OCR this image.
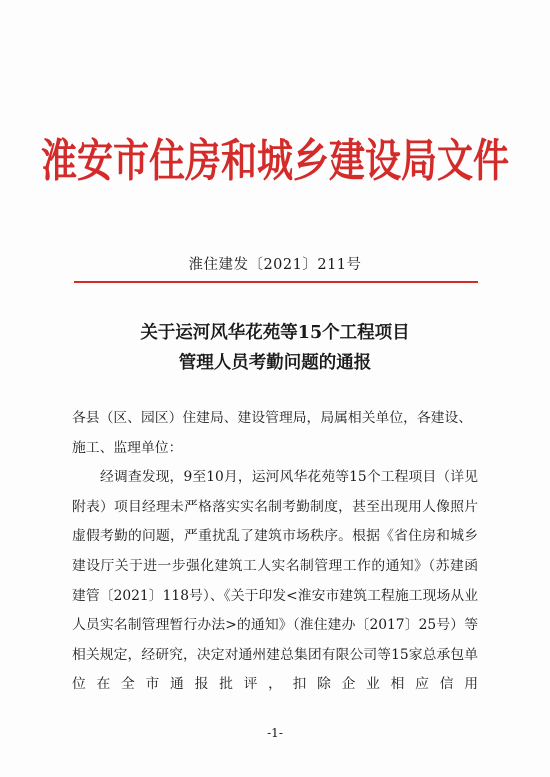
淮安市住房和城乡建设局文件
淮住建发〔2021〕211号
关于运河风华花苑等15个工程项目
管理人员考勤问题的通报
各县（区、园区）住建局、建设管理局，局属相关单位，各建设、施工、监理单位：
经调查发现，9至10月，运河风华花苑等15个工程项目（详见附表）项目经理未严格落实实名制考勤制度，甚至出现用人像照片虚假考勤的问题，严重扰乱了建筑市场秩序。根据《省住房和城乡建设厅关于进一步强化建筑工人实名制管理工作的通知》（苏建函建管〔2021〕118号）、《关于印发<淮安市建筑工程施工现场从业人员实名制管理暂行办法>的通知》（淮住建办〔2017〕25号）等相关规定，经研究，决定对通州建总集团有限公司等15家总承包单位在全市通报批评，扣除企业相应信用
-1-
